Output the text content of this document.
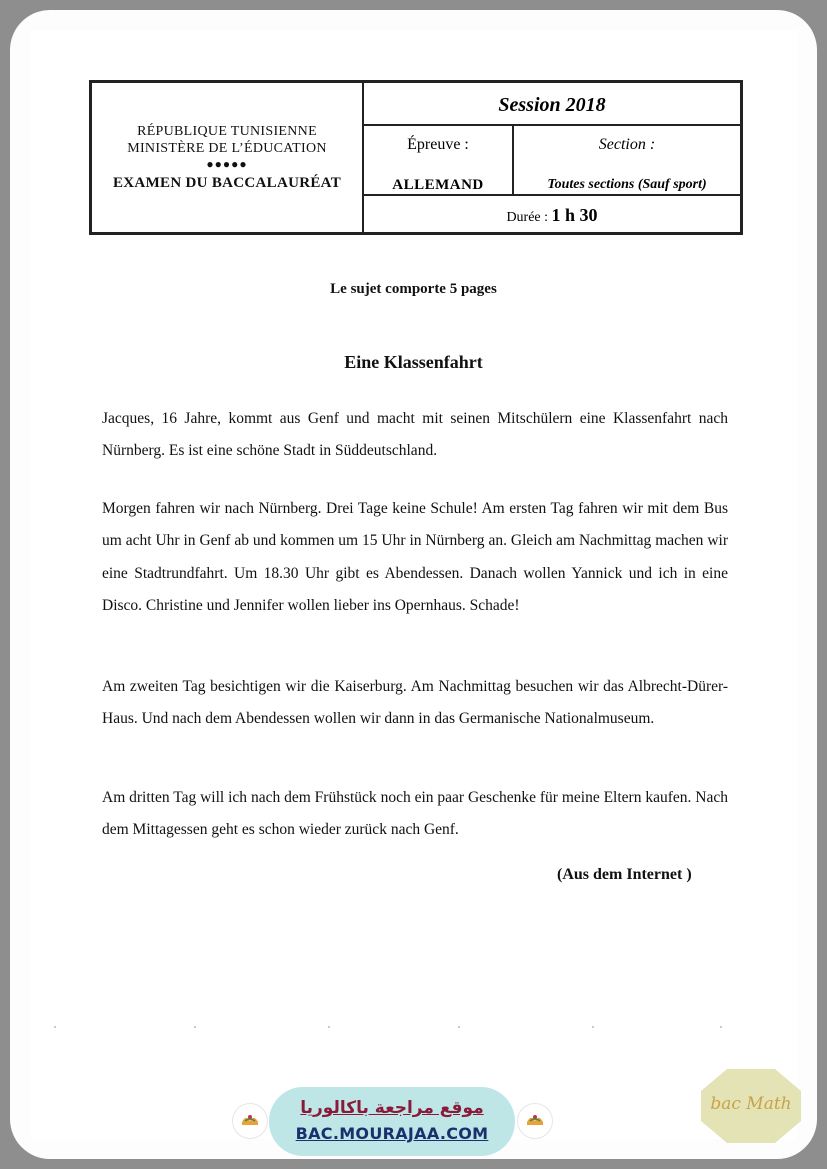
RÉPUBLIQUE TUNISIENNE
MINISTÈRE DE L’ÉDUCATION
●●●●●
EXAMEN DU BACCALAURÉAT
Session 2018
Épreuve :
ALLEMAND
Section :
Toutes sections (Sauf sport)
Durée : 1 h 30
Le sujet comporte 5 pages
Eine Klassenfahrt

Jacques, 16 Jahre, kommt aus Genf und macht mit seinen Mitschülern eine Klassenfahrt nach Nürnberg. Es ist eine schöne Stadt in Süddeutschland.

Morgen fahren wir nach Nürnberg. Drei Tage keine Schule! Am ersten Tag fahren wir mit dem Bus um acht Uhr in Genf ab und kommen um 15 Uhr in Nürnberg an. Gleich am Nachmittag machen wir eine Stadtrundfahrt. Um 18.30 Uhr gibt es Abendessen. Danach wollen Yannick und ich in eine Disco. Christine und Jennifer wollen lieber ins Opernhaus. Schade!

Am zweiten Tag besichtigen wir die Kaiserburg. Am Nachmittag besuchen wir das Albrecht-Dürer-Haus. Und nach dem Abendessen wollen wir dann in das Germanische Nationalmuseum.

Am dritten Tag will ich nach dem Frühstück noch ein paar Geschenke für meine Eltern kaufen. Nach dem Mittagessen geht es schon wieder zurück nach Genf.

(Aus dem Internet )
موقع مراجعة باكالوريا
BAC.MOURAJAA.COM
bac Math
